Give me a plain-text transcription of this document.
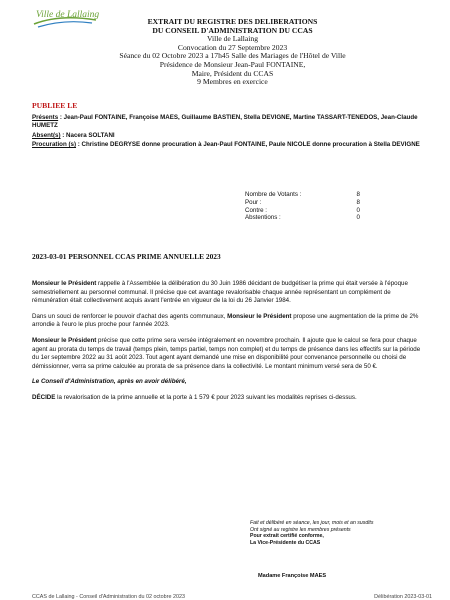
Ville de Lallaing
EXTRAIT DU REGISTRE DES DELIBERATIONS
DU CONSEIL D'ADMINISTRATION DU CCAS
Ville de Lallaing
Convocation du 27 Septembre 2023
Séance du 02 Octobre 2023 a 17h45 Salle des Mariages de l'Hôtel de Ville
Présidence de Monsieur Jean-Paul FONTAINE,
Maire, Président du CCAS
9 Membres en exercice
PUBLIEE LE
Présents : Jean-Paul FONTAINE, Françoise MAES, Guillaume BASTIEN, Stella DEVIGNE, Martine TASSART-TENEDOS, Jean-Claude HUMETZ
Absent(s) : Nacera SOLTANI
Procuration (s) : Christine DEGRYSE donne procuration à Jean-Paul FONTAINE, Paule NICOLE donne procuration à Stella DEVIGNE
Nombre de Votants :	8
Pour :	8
Contre :	0
Abstentions :	0
2023-03-01 PERSONNEL CCAS PRIME ANNUELLE 2023

Monsieur le Président rappelle à l'Assemblée la délibération du 30 Juin 1986 décidant de budgétiser la prime qui était versée à l'époque semestriellement au personnel communal. Il précise que cet avantage revalorisable chaque année représentant un complément de rémunération était collectivement acquis avant l'entrée en vigueur de la loi du 26 Janvier 1984.

Dans un souci de renforcer le pouvoir d'achat des agents communaux, Monsieur le Président propose une augmentation de la prime de 2% arrondie à l'euro le plus proche pour l'année 2023.

Monsieur le Président précise que cette prime sera versée intégralement en novembre prochain. Il ajoute que le calcul se fera pour chaque agent au prorata du temps de travail (temps plein, temps partiel, temps non complet) et du temps de présence dans les effectifs sur la période du 1er septembre 2022 au 31 août 2023. Tout agent ayant demandé une mise en disponibilité pour convenance personnelle ou choisi de démissionner, verra sa prime calculée au prorata de sa présence dans la collectivité. Le montant minimum versé sera de 50 €.

Le Conseil d'Administration, après en avoir délibéré,

DÉCIDE la revalorisation de la prime annuelle et la porte à 1 579 € pour 2023 suivant les modalités reprises ci-dessus.

Fait et délibéré en séance, les jour, mois et an susdits
Ont signé au registre les membres présents
Pour extrait certifié conforme,
La Vice-Présidente du CCAS
Madame Françoise MAES
CCAS de Lallaing - Conseil d'Administration du 02 octobre 2023	Délibération 2023-03-01
